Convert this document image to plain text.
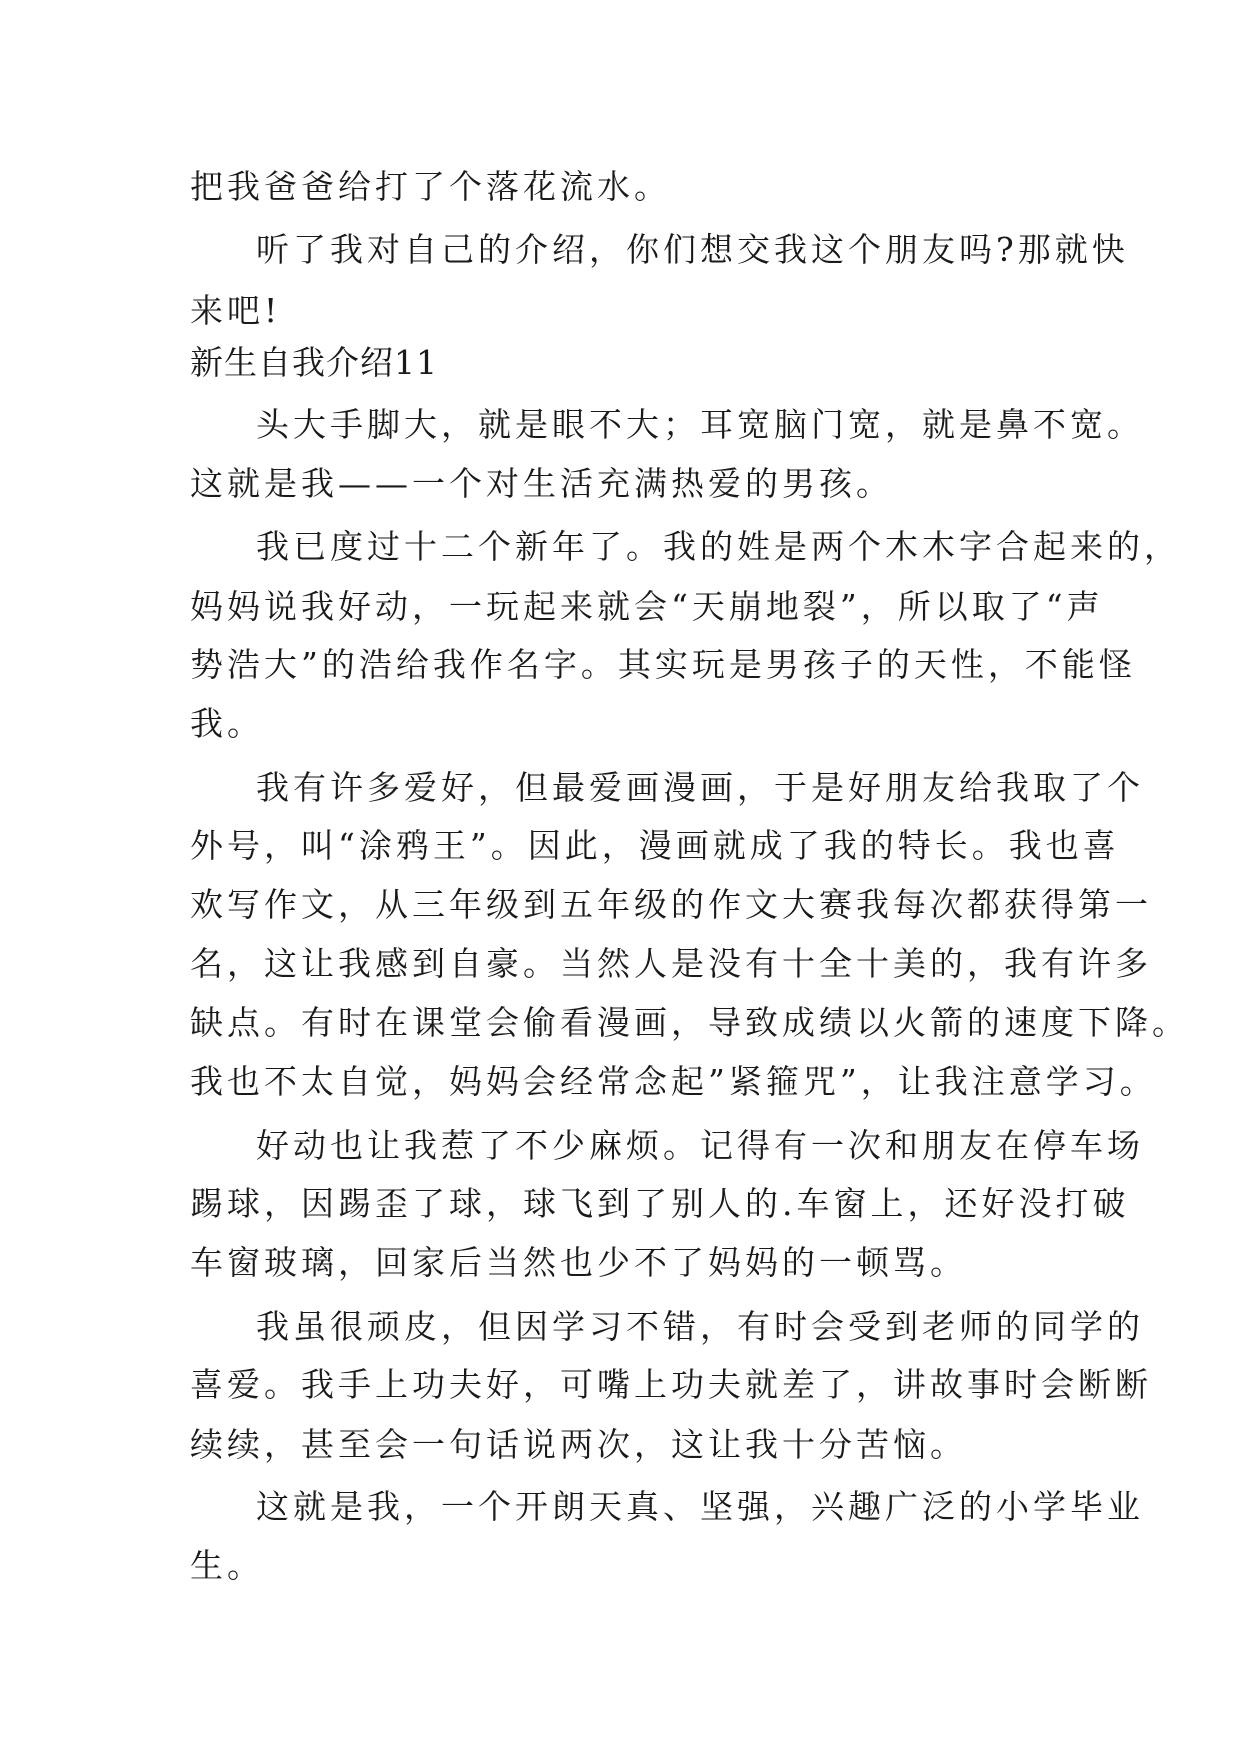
把我爸爸给打了个落花流水。
听了我对自己的介绍，你们想交我这个朋友吗?那就快
来吧!
新生自我介绍11
头大手脚大，就是眼不大；耳宽脑门宽，就是鼻不宽。
这就是我——一个对生活充满热爱的男孩。
我已度过十二个新年了。我的姓是两个木木字合起来的，
妈妈说我好动，一玩起来就会“天崩地裂”，所以取了“声
势浩大”的浩给我作名字。其实玩是男孩子的天性，不能怪
我。
我有许多爱好，但最爱画漫画，于是好朋友给我取了个
外号，叫“涂鸦王”。因此，漫画就成了我的特长。我也喜
欢写作文，从三年级到五年级的作文大赛我每次都获得第一
名，这让我感到自豪。当然人是没有十全十美的，我有许多
缺点。有时在课堂会偷看漫画，导致成绩以火箭的速度下降。
我也不太自觉，妈妈会经常念起”紧箍咒”，让我注意学习。
好动也让我惹了不少麻烦。记得有一次和朋友在停车场
踢球，因踢歪了球，球飞到了别人的.车窗上，还好没打破
车窗玻璃，回家后当然也少不了妈妈的一顿骂。
我虽很顽皮，但因学习不错，有时会受到老师的同学的
喜爱。我手上功夫好，可嘴上功夫就差了，讲故事时会断断
续续，甚至会一句话说两次，这让我十分苦恼。
这就是我，一个开朗天真、坚强，兴趣广泛的小学毕业
生。
